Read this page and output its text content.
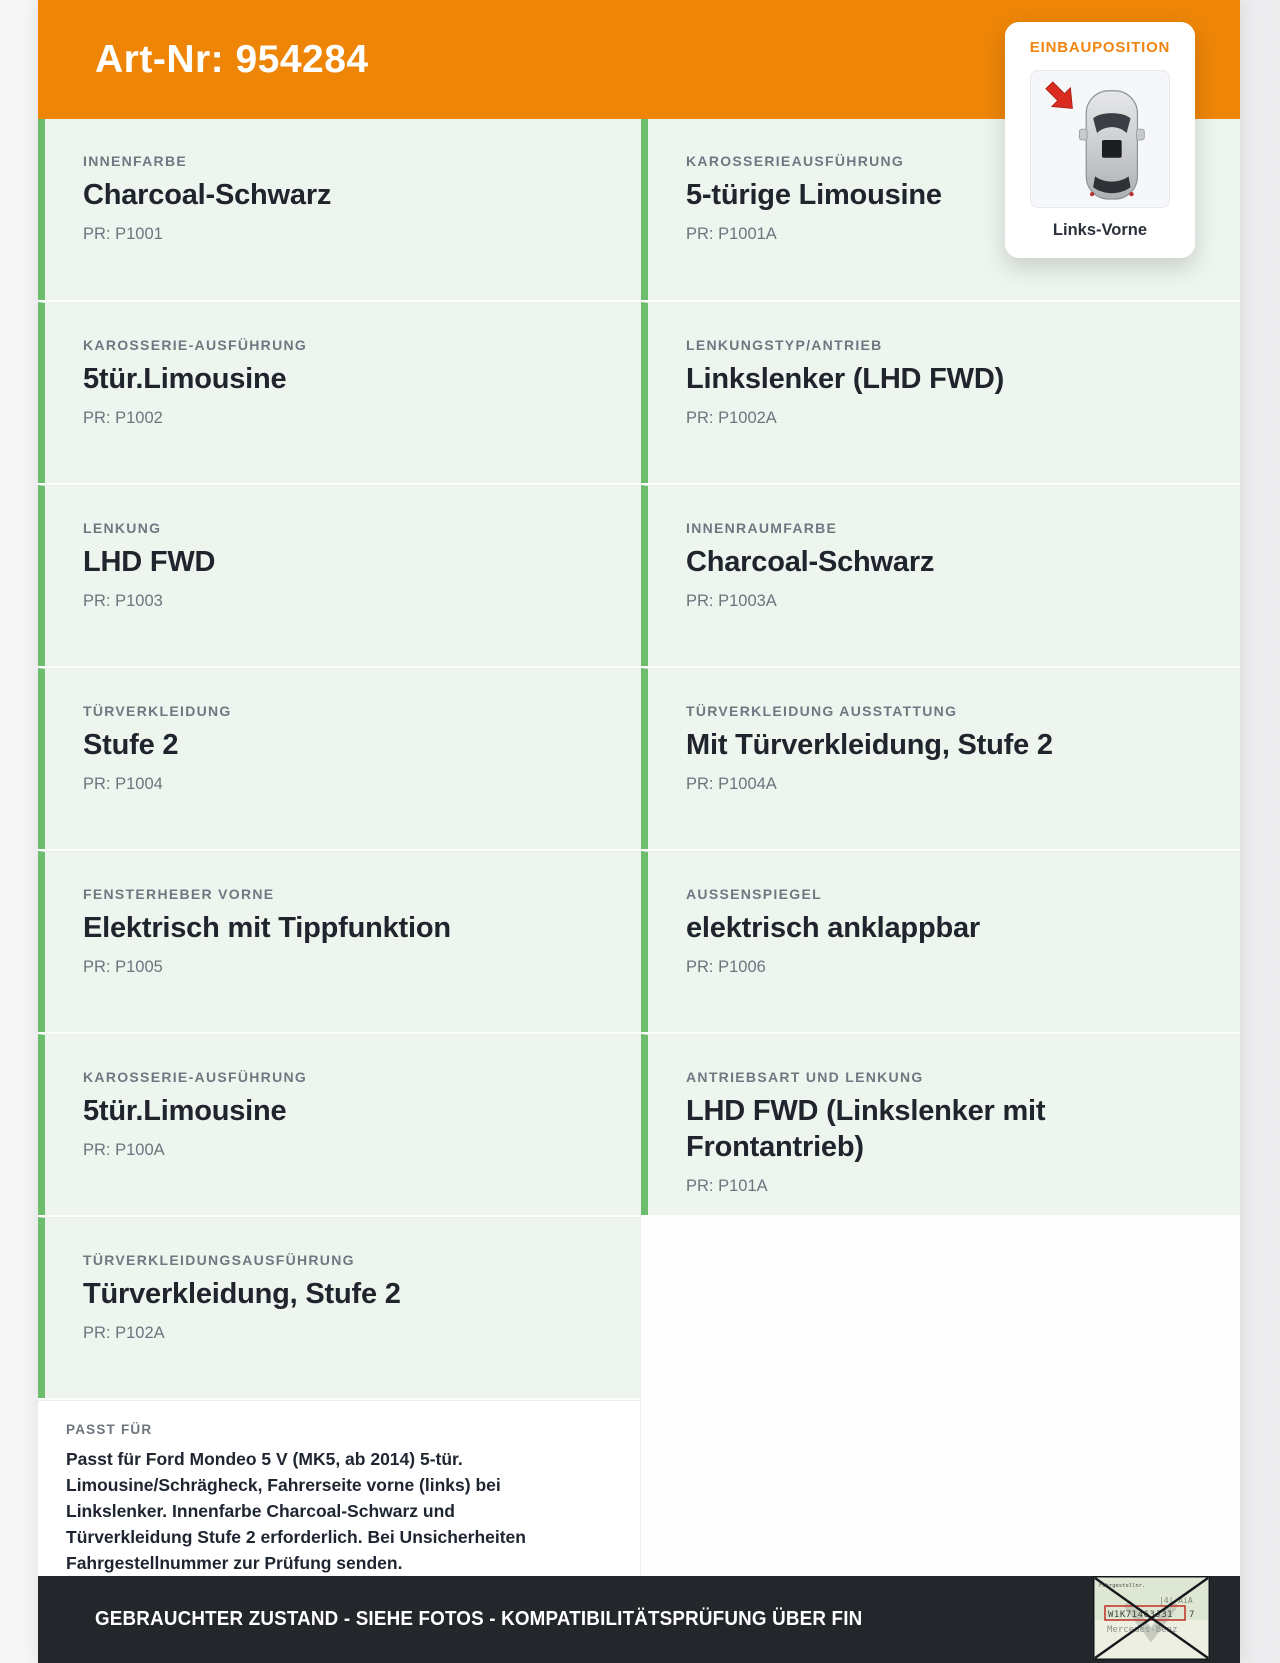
Art-Nr: 954284
INNENFARBE
Charcoal-Schwarz
PR: P1001
KAROSSERIE-AUSFÜHRUNG
5tür.Limousine
PR: P1002
LENKUNG
LHD FWD
PR: P1003
TÜRVERKLEIDUNG
Stufe 2
PR: P1004
FENSTERHEBER VORNE
Elektrisch mit Tippfunktion
PR: P1005
KAROSSERIE-AUSFÜHRUNG
5tür.Limousine
PR: P100A
TÜRVERKLEIDUNGSAUSFÜHRUNG
Türverkleidung, Stufe 2
PR: P102A
PASST FÜR

Passt für Ford Mondeo 5 V (MK5, ab 2014) 5-tür. Limousine/Schrägheck, Fahrerseite vorne (links) bei Linkslenker. Innenfarbe Charcoal-Schwarz und Türverkleidung Stufe 2 erforderlich. Bei Unsicherheiten Fahrgestellnummer zur Prüfung senden.

KAROSSERIEAUSFÜHRUNG
5-türige Limousine
PR: P1001A
LENKUNGSTYP/ANTRIEB
Linkslenker (LHD FWD)
PR: P1002A
INNENRAUMFARBE
Charcoal-Schwarz
PR: P1003A
TÜRVERKLEIDUNG AUSSTATTUNG
Mit Türverkleidung, Stufe 2
PR: P1004A
AUSSENSPIEGEL
elektrisch anklappbar
PR: P1006
ANTRIEBSART UND LENKUNG
LHD FWD (Linkslenker mit Frontantrieb)
PR: P101A
GEBRAUCHTER ZUSTAND - SIEHE FOTOS - KOMPATIBILITÄTSPRÜFUNG ÜBER FIN
Fahrgestellnr.
|4| AiA
W1K71463J31 7
Mercedes-Benz
EINBAUPOSITION
Links-Vorne
